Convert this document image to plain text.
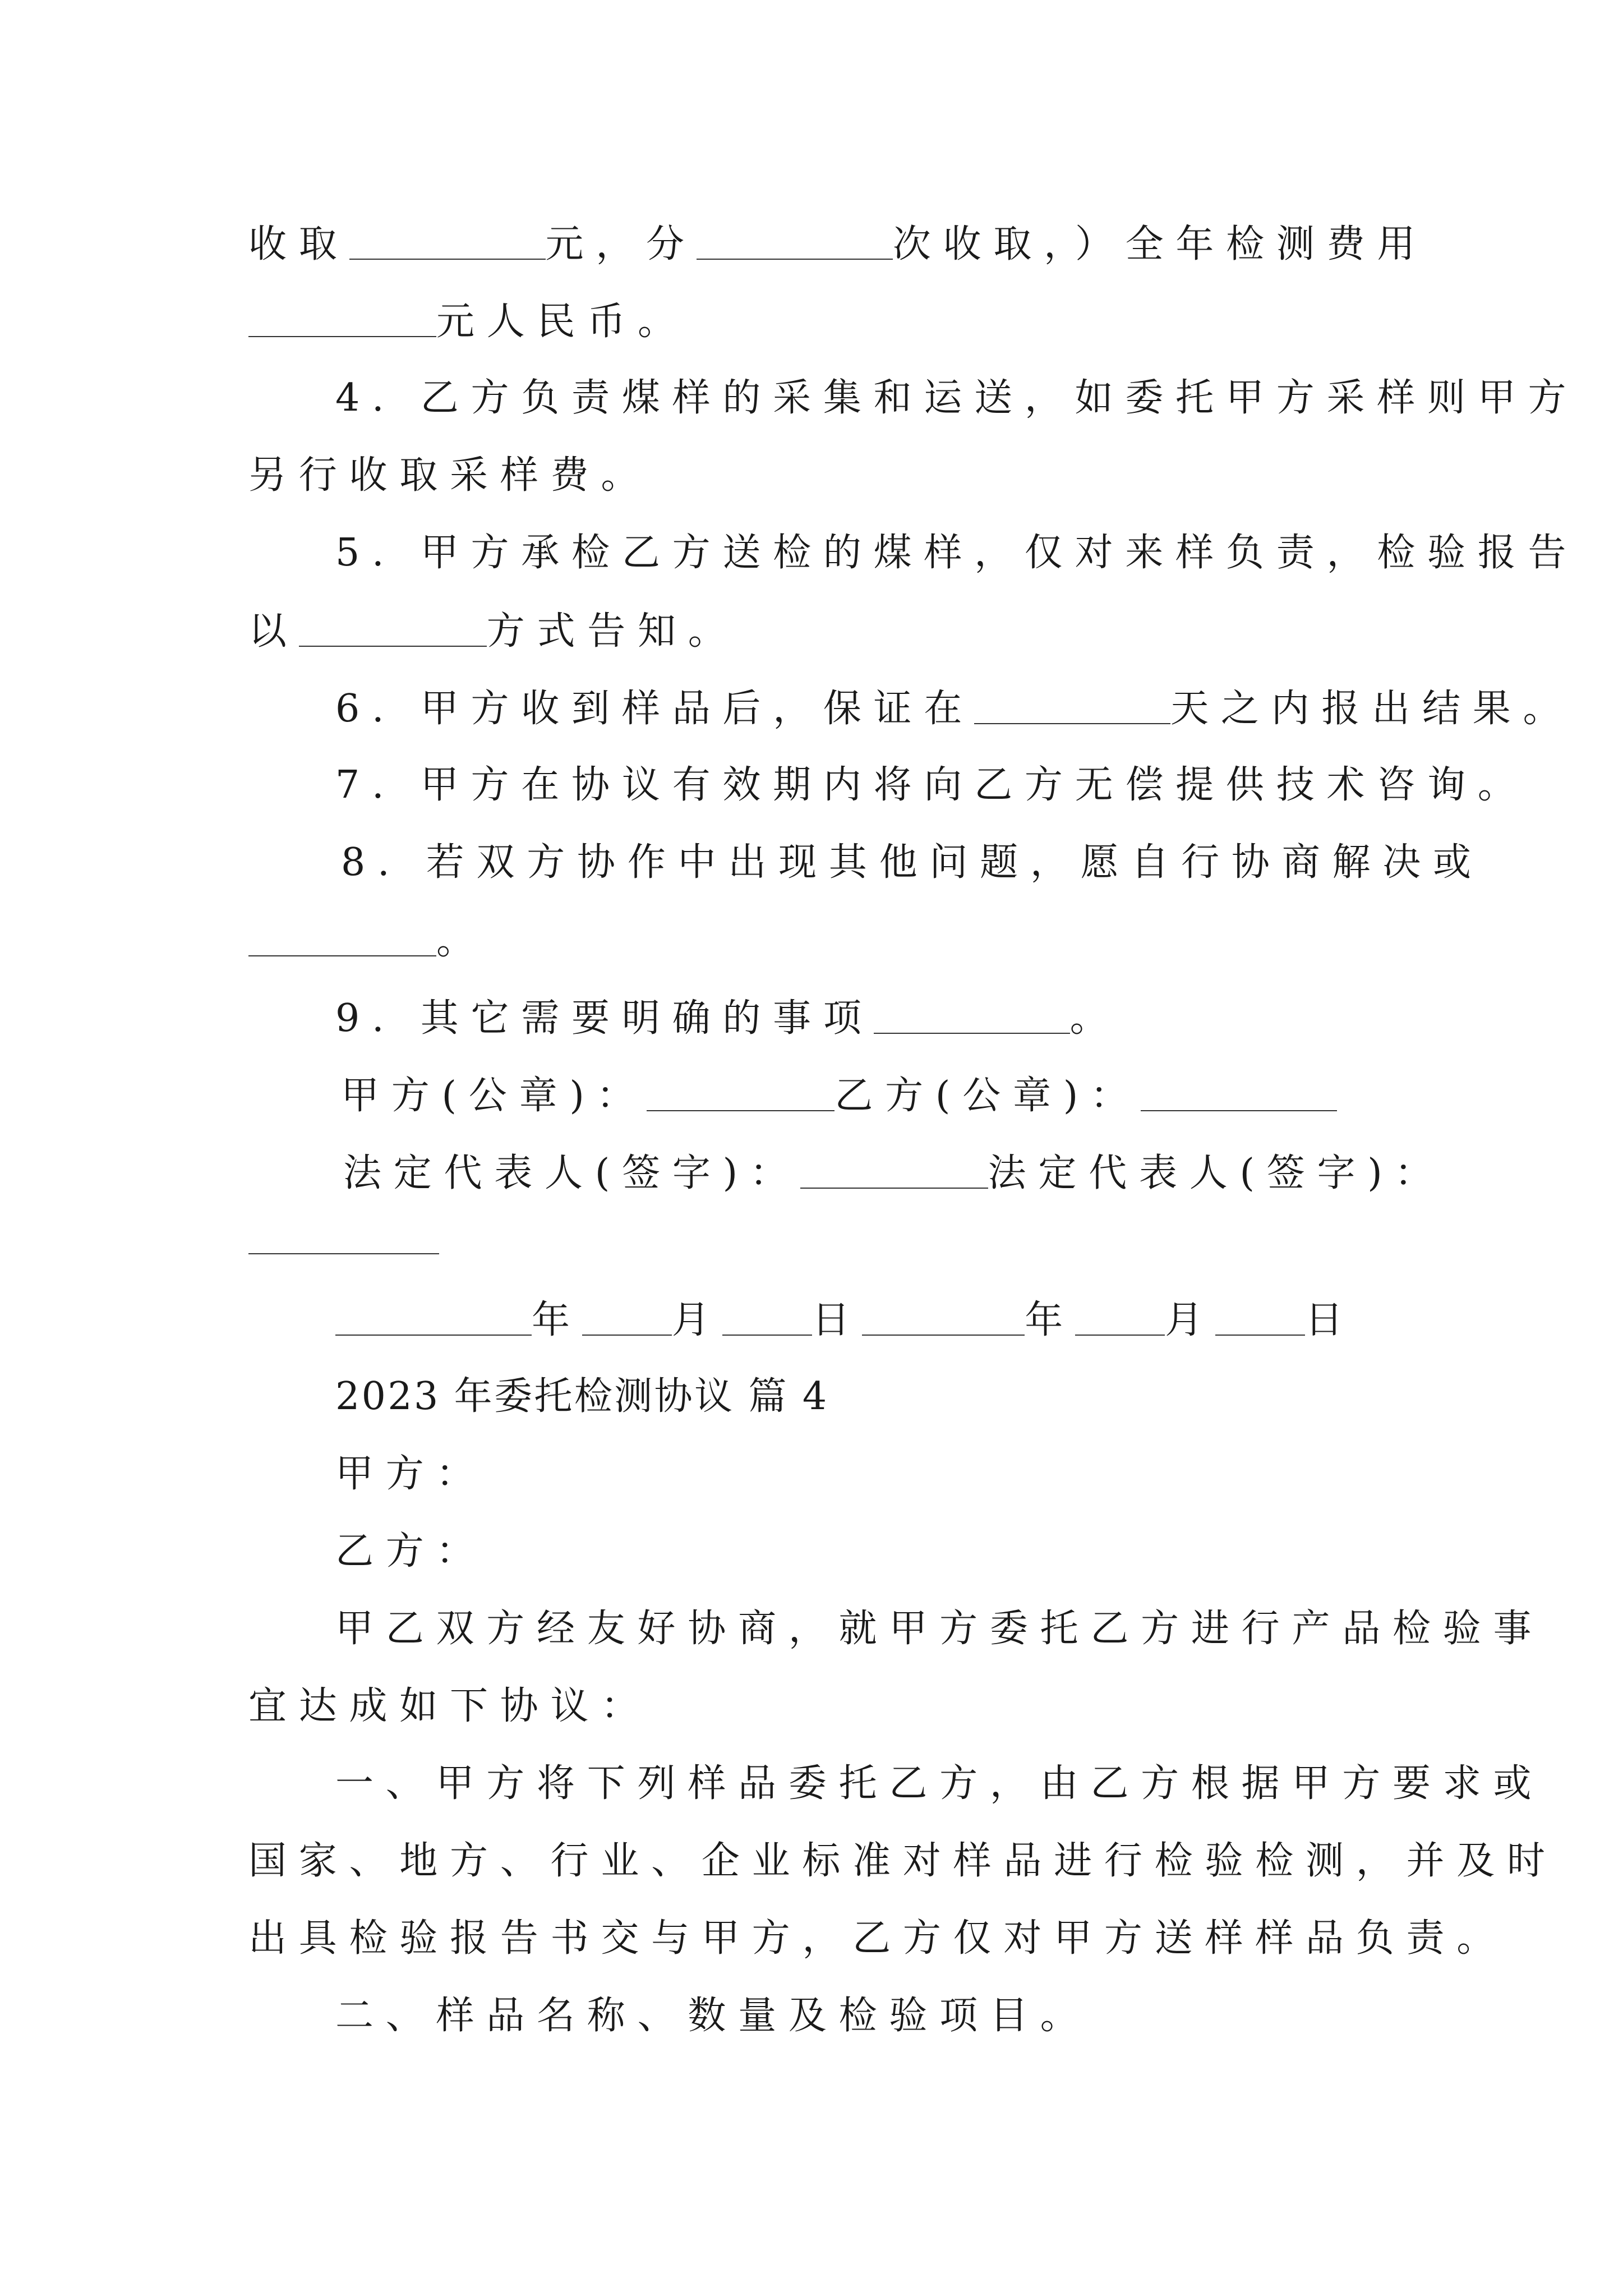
收取	元，分	次收取，）全年检测费用
元人民币。
4. 乙方负责煤样的采集和运送，如委托甲方采样则甲方
另行收取采样费。
5. 甲方承检乙方送检的煤样，仅对来样负责，检验报告
以	方式告知。
6. 甲方收到样品后，保证在	天之内报出结果。
7. 甲方在协议有效期内将向乙方无偿提供技术咨询。
8. 若双方协作中出现其他问题，愿自行协商解决或
。
9. 其它需要明确的事项	。
甲方(公章)：	乙方(公章)：
法定代表人(签字)：	法定代表人(签字)：
年 月 日	年 月 日
2023 年委托检测协议 篇 4
甲方：
乙方：
甲乙双方经友好协商，就甲方委托乙方进行产品检验事
宜达成如下协议：
一、甲方将下列样品委托乙方，由乙方根据甲方要求或
国家、地方、行业、企业标准对样品进行检验检测，并及时
出具检验报告书交与甲方，乙方仅对甲方送样样品负责。
二、样品名称、数量及检验项目。
